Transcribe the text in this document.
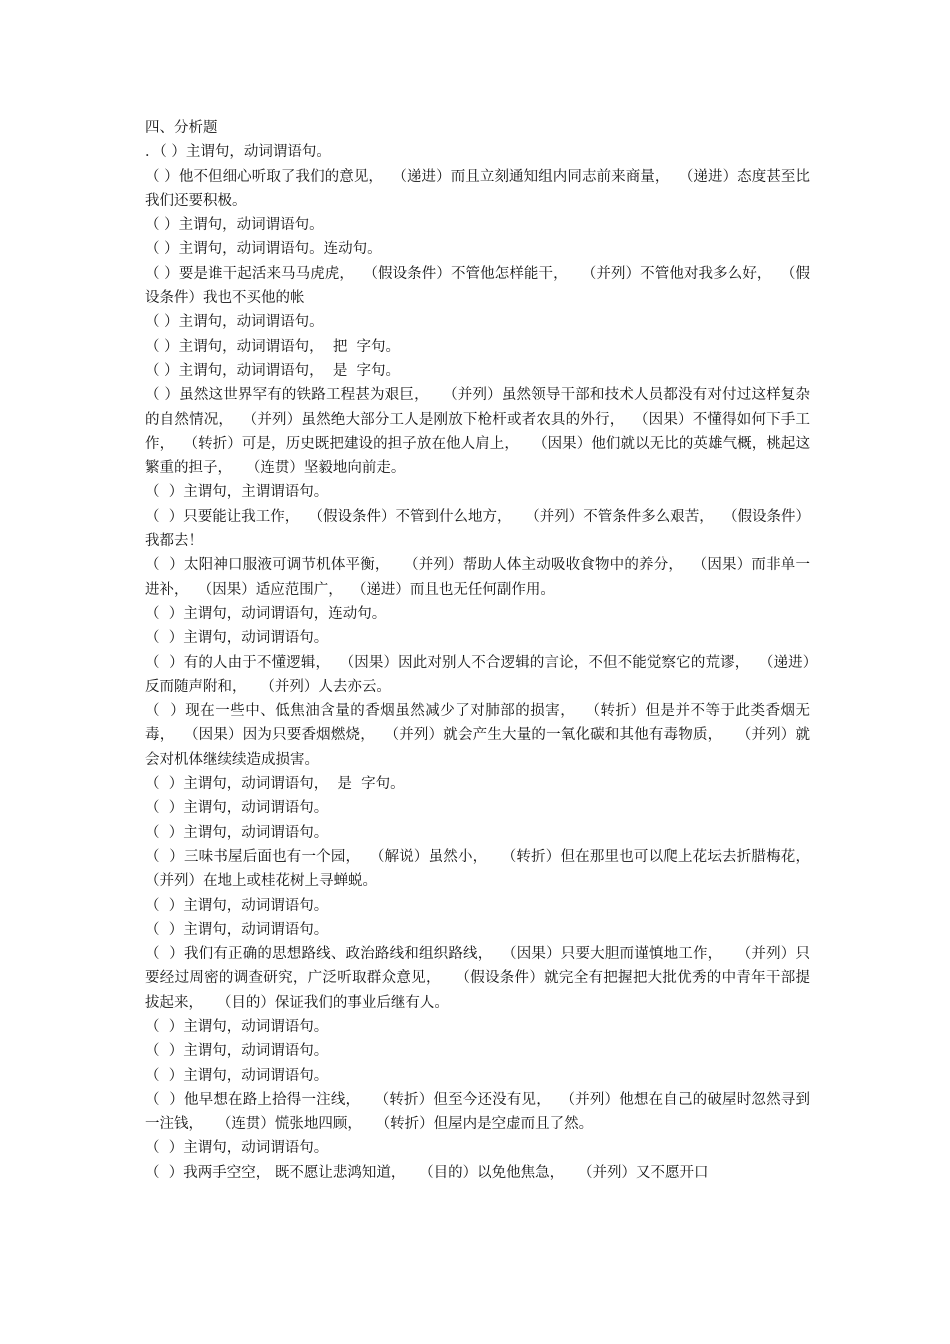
四、分析题

．（ ）主谓句，动词谓语句。

（ ）他不但细心听取了我们的意见，  （递进）而且立刻通知组内同志前来商量，  （递进）态度甚至比我们还要积极。

（ ）主谓句，动词谓语句。

（ ）主谓句，动词谓语句。连动句。

（ ）要是谁干起活来马马虎虎，  （假设条件）不管他怎样能干，   （并列）不管他对我多么好，  （假设条件）我也不买他的帐

（ ）主谓句，动词谓语句。

（ ）主谓句，动词谓语句，  把  字句。

（ ）主谓句，动词谓语句，  是  字句。

（ ）虽然这世界罕有的铁路工程甚为艰巨，   （并列）虽然领导干部和技术人员都没有对付过这样复杂的自然情况，  （并列）虽然绝大部分工人是刚放下枪杆或者农具的外行，  （因果）不懂得如何下手工作，  （转折）可是，历史既把建设的担子放在他人肩上，   （因果）他们就以无比的英雄气概，桃起这繁重的担子，   （连贯）坚毅地向前走。

（  ）主谓句，主谓谓语句。

（  ）只要能让我工作，  （假设条件）不管到什么地方，   （并列）不管条件多么艰苦，  （假设条件）我都去！

（  ）太阳神口服液可调节机体平衡，   （并列）帮助人体主动吸收食物中的养分，  （因果）而非单一进补，  （因果）适应范围广，  （递进）而且也无任何副作用。

（  ）主谓句，动词谓语句，连动句。

（  ）主谓句，动词谓语句。

（  ）有的人由于不懂逻辑，  （因果）因此对别人不合逻辑的言论，不但不能觉察它的荒谬，  （递进）反而随声附和，   （并列）人去亦云。

（  ）现在一些中、低焦油含量的香烟虽然减少了对肺部的损害，  （转折）但是并不等于此类香烟无毒，  （因果）因为只要香烟燃烧，  （并列）就会产生大量的一氧化碳和其他有毒物质，   （并列）就会对机体继续续造成损害。

（  ）主谓句，动词谓语句，  是  字句。

（  ）主谓句，动词谓语句。

（  ）主谓句，动词谓语句。

（  ）三味书屋后面也有一个园，  （解说）虽然小，   （转折）但在那里也可以爬上花坛去折腊梅花，   （并列）在地上或桂花树上寻蝉蜕。

（  ）主谓句，动词谓语句。

（  ）主谓句，动词谓语句。

（  ）我们有正确的思想路线、政治路线和组织路线，  （因果）只要大胆而谨慎地工作，   （并列）只要经过周密的调查研究，广泛听取群众意见，   （假设条件）就完全有把握把大批优秀的中青年干部提拔起来，   （目的）保证我们的事业后继有人。

（  ）主谓句，动词谓语句。

（  ）主谓句，动词谓语句。

（  ）主谓句，动词谓语句。

（  ）他早想在路上拾得一注线，   （转折）但至今还没有见，  （并列）他想在自己的破屋时忽然寻到一注钱，   （连贯）慌张地四顾，   （转折）但屋内是空虚而且了然。

（  ）主谓句，动词谓语句。

（  ）我两手空空， 既不愿让悲鸿知道，   （目的）以免他焦急，   （并列）又不愿开口
